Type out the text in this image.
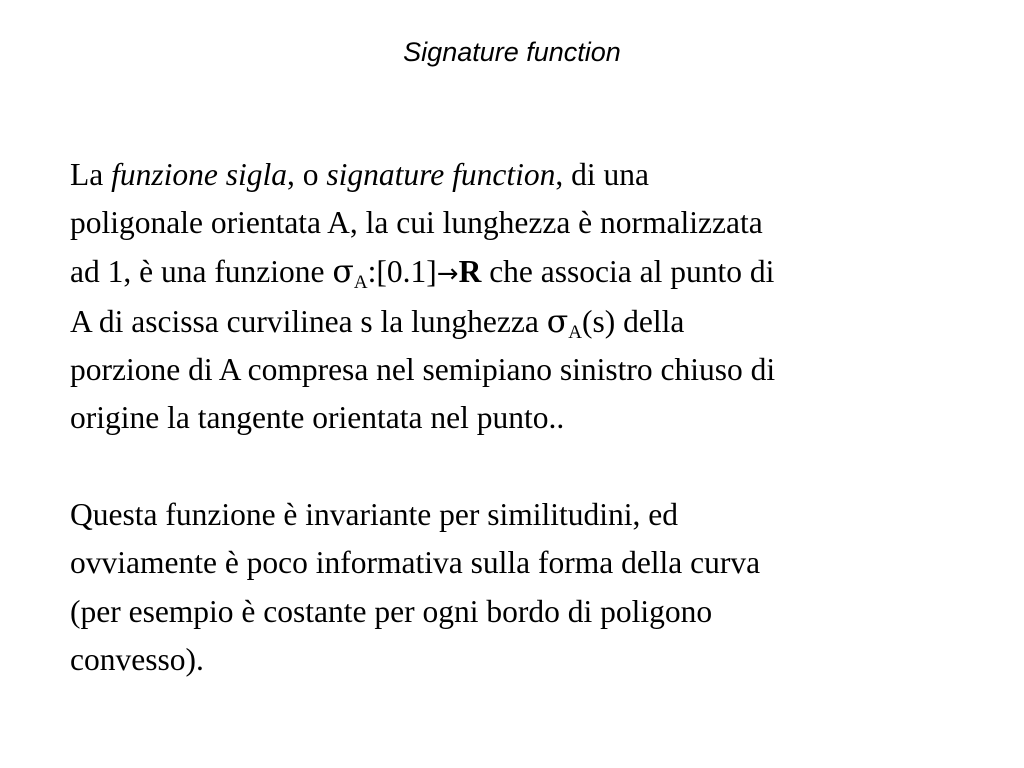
Signature function
La funzione sigla, o signature function, di una
poligonale orientata A, la cui lunghezza è normalizzata
ad 1, è una funzione $\sigma_A:[0.1]\to R$ che associa al punto di
A di ascissa curvilinea s la lunghezza $\sigma_A(s)$ della
porzione di A compresa nel semipiano sinistro chiuso di
origine la tangente orientata nel punto..
Questa funzione è invariante per similitudini, ed
ovviamente è poco informativa sulla forma della curva
(per esempio è costante per ogni bordo di poligono
convesso).
